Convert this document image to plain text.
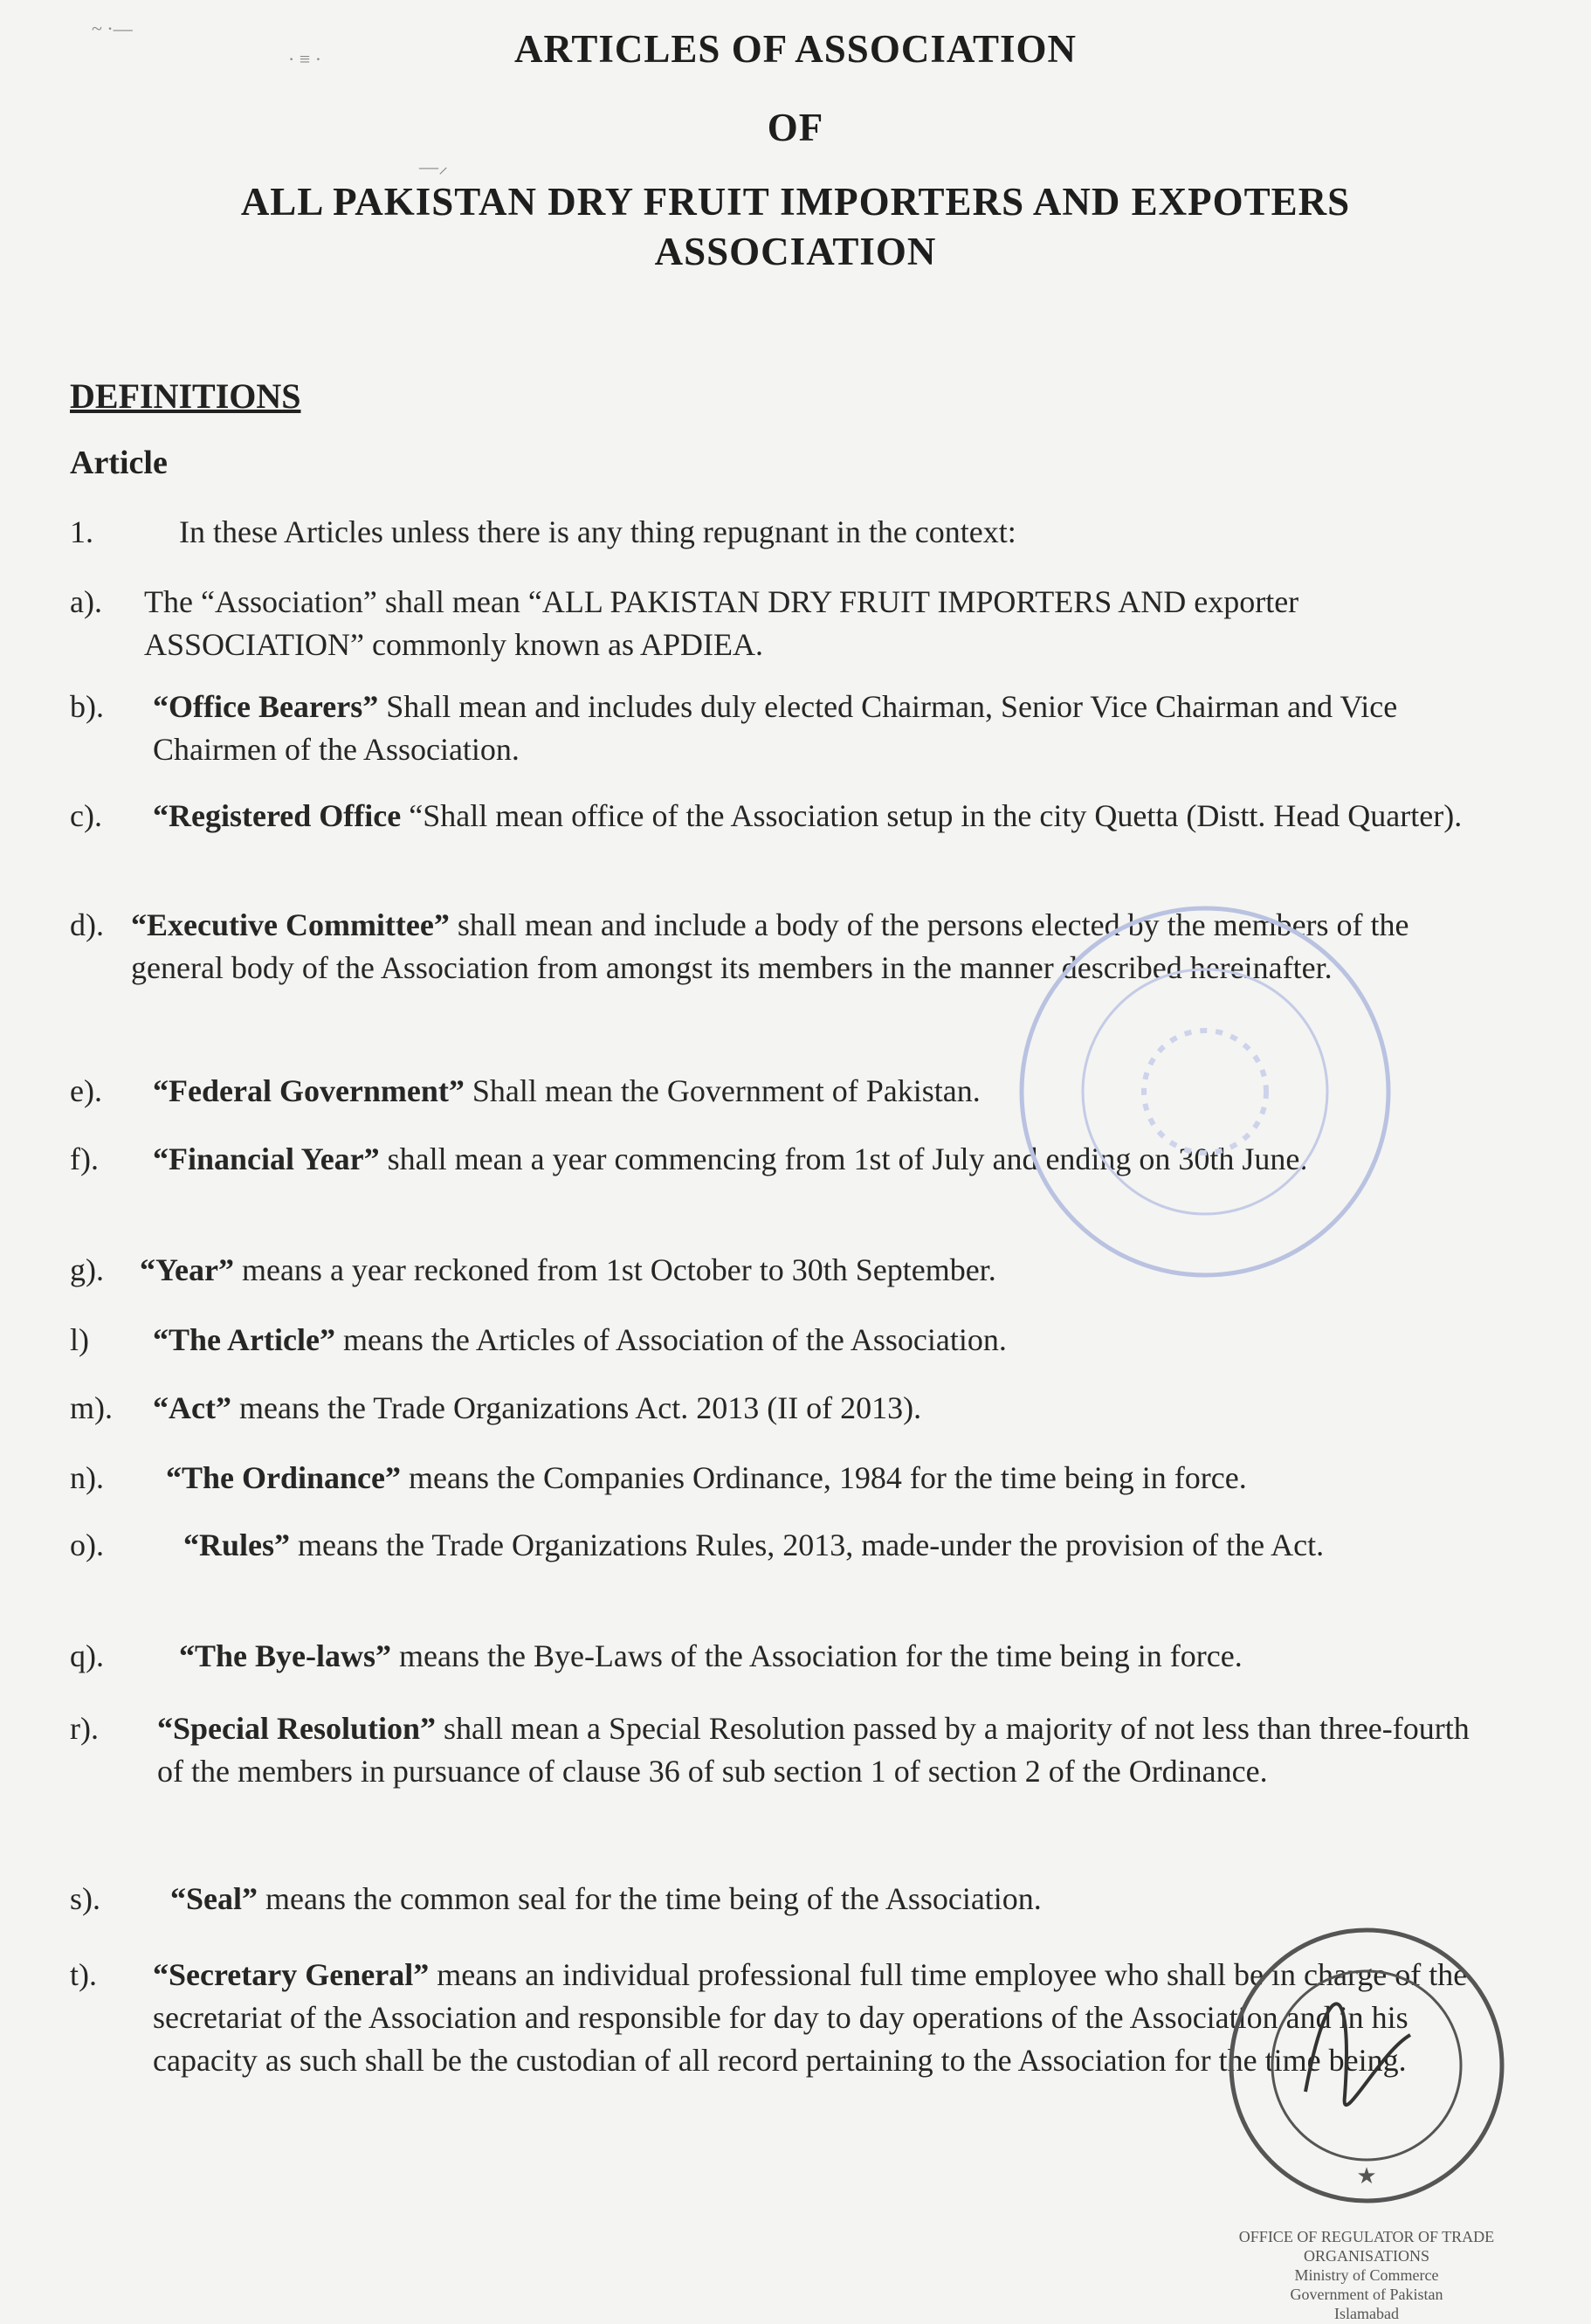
~ ·—
· ≡ ·
—⸝
ARTICLES OF ASSOCIATION
OF
ALL PAKISTAN DRY FRUIT IMPORTERS AND EXPOTERS
ASSOCIATION
DEFINITIONS
Article
1.	In these Articles unless there is any thing repugnant in the context:
a). The “Association” shall mean “ALL PAKISTAN DRY FRUIT IMPORTERS AND exporter ASSOCIATION” commonly known as APDIEA.
b). “Office Bearers” Shall mean and includes duly elected Chairman, Senior Vice Chairman and Vice Chairmen of the Association.
c). “Registered Office “Shall mean office of the Association setup in the city Quetta (Distt. Head Quarter).
d). “Executive Committee” shall mean and include a body of the persons elected by the members of the general body of the Association from amongst its members in the manner described hereinafter.
e). “Federal Government” Shall mean the Government of Pakistan.
f). “Financial Year” shall mean a year commencing from 1st of July and ending on 30th June.
g). “Year” means a year reckoned from 1st October to 30th September.
l) “The Article” means the Articles of Association of the Association.
m). “Act” means the Trade Organizations Act. 2013 (II of 2013).
n). “The Ordinance” means the Companies Ordinance, 1984 for the time being in force.
o).	“Rules” means the Trade Organizations Rules, 2013, made-under the provision of the Act.
q). “The Bye-laws” means the Bye-Laws of the Association for the time being in force.
r). “Special Resolution” shall mean a Special Resolution passed by a majority of not less than three-fourth of the members in pursuance of clause 36 of sub section 1 of section 2 of the Ordinance.
s). “Seal” means the common seal for the time being of the Association.
t). “Secretary General” means an individual professional full time employee who shall be in charge of the secretariat of the Association and responsible for day to day operations of the Association and in his capacity as such shall be the custodian of all record pertaining to the Association for the time being.
★
OFFICE OF REGULATOR OF TRADE ORGANISATIONS
Ministry of Commerce
Government of Pakistan
Islamabad
